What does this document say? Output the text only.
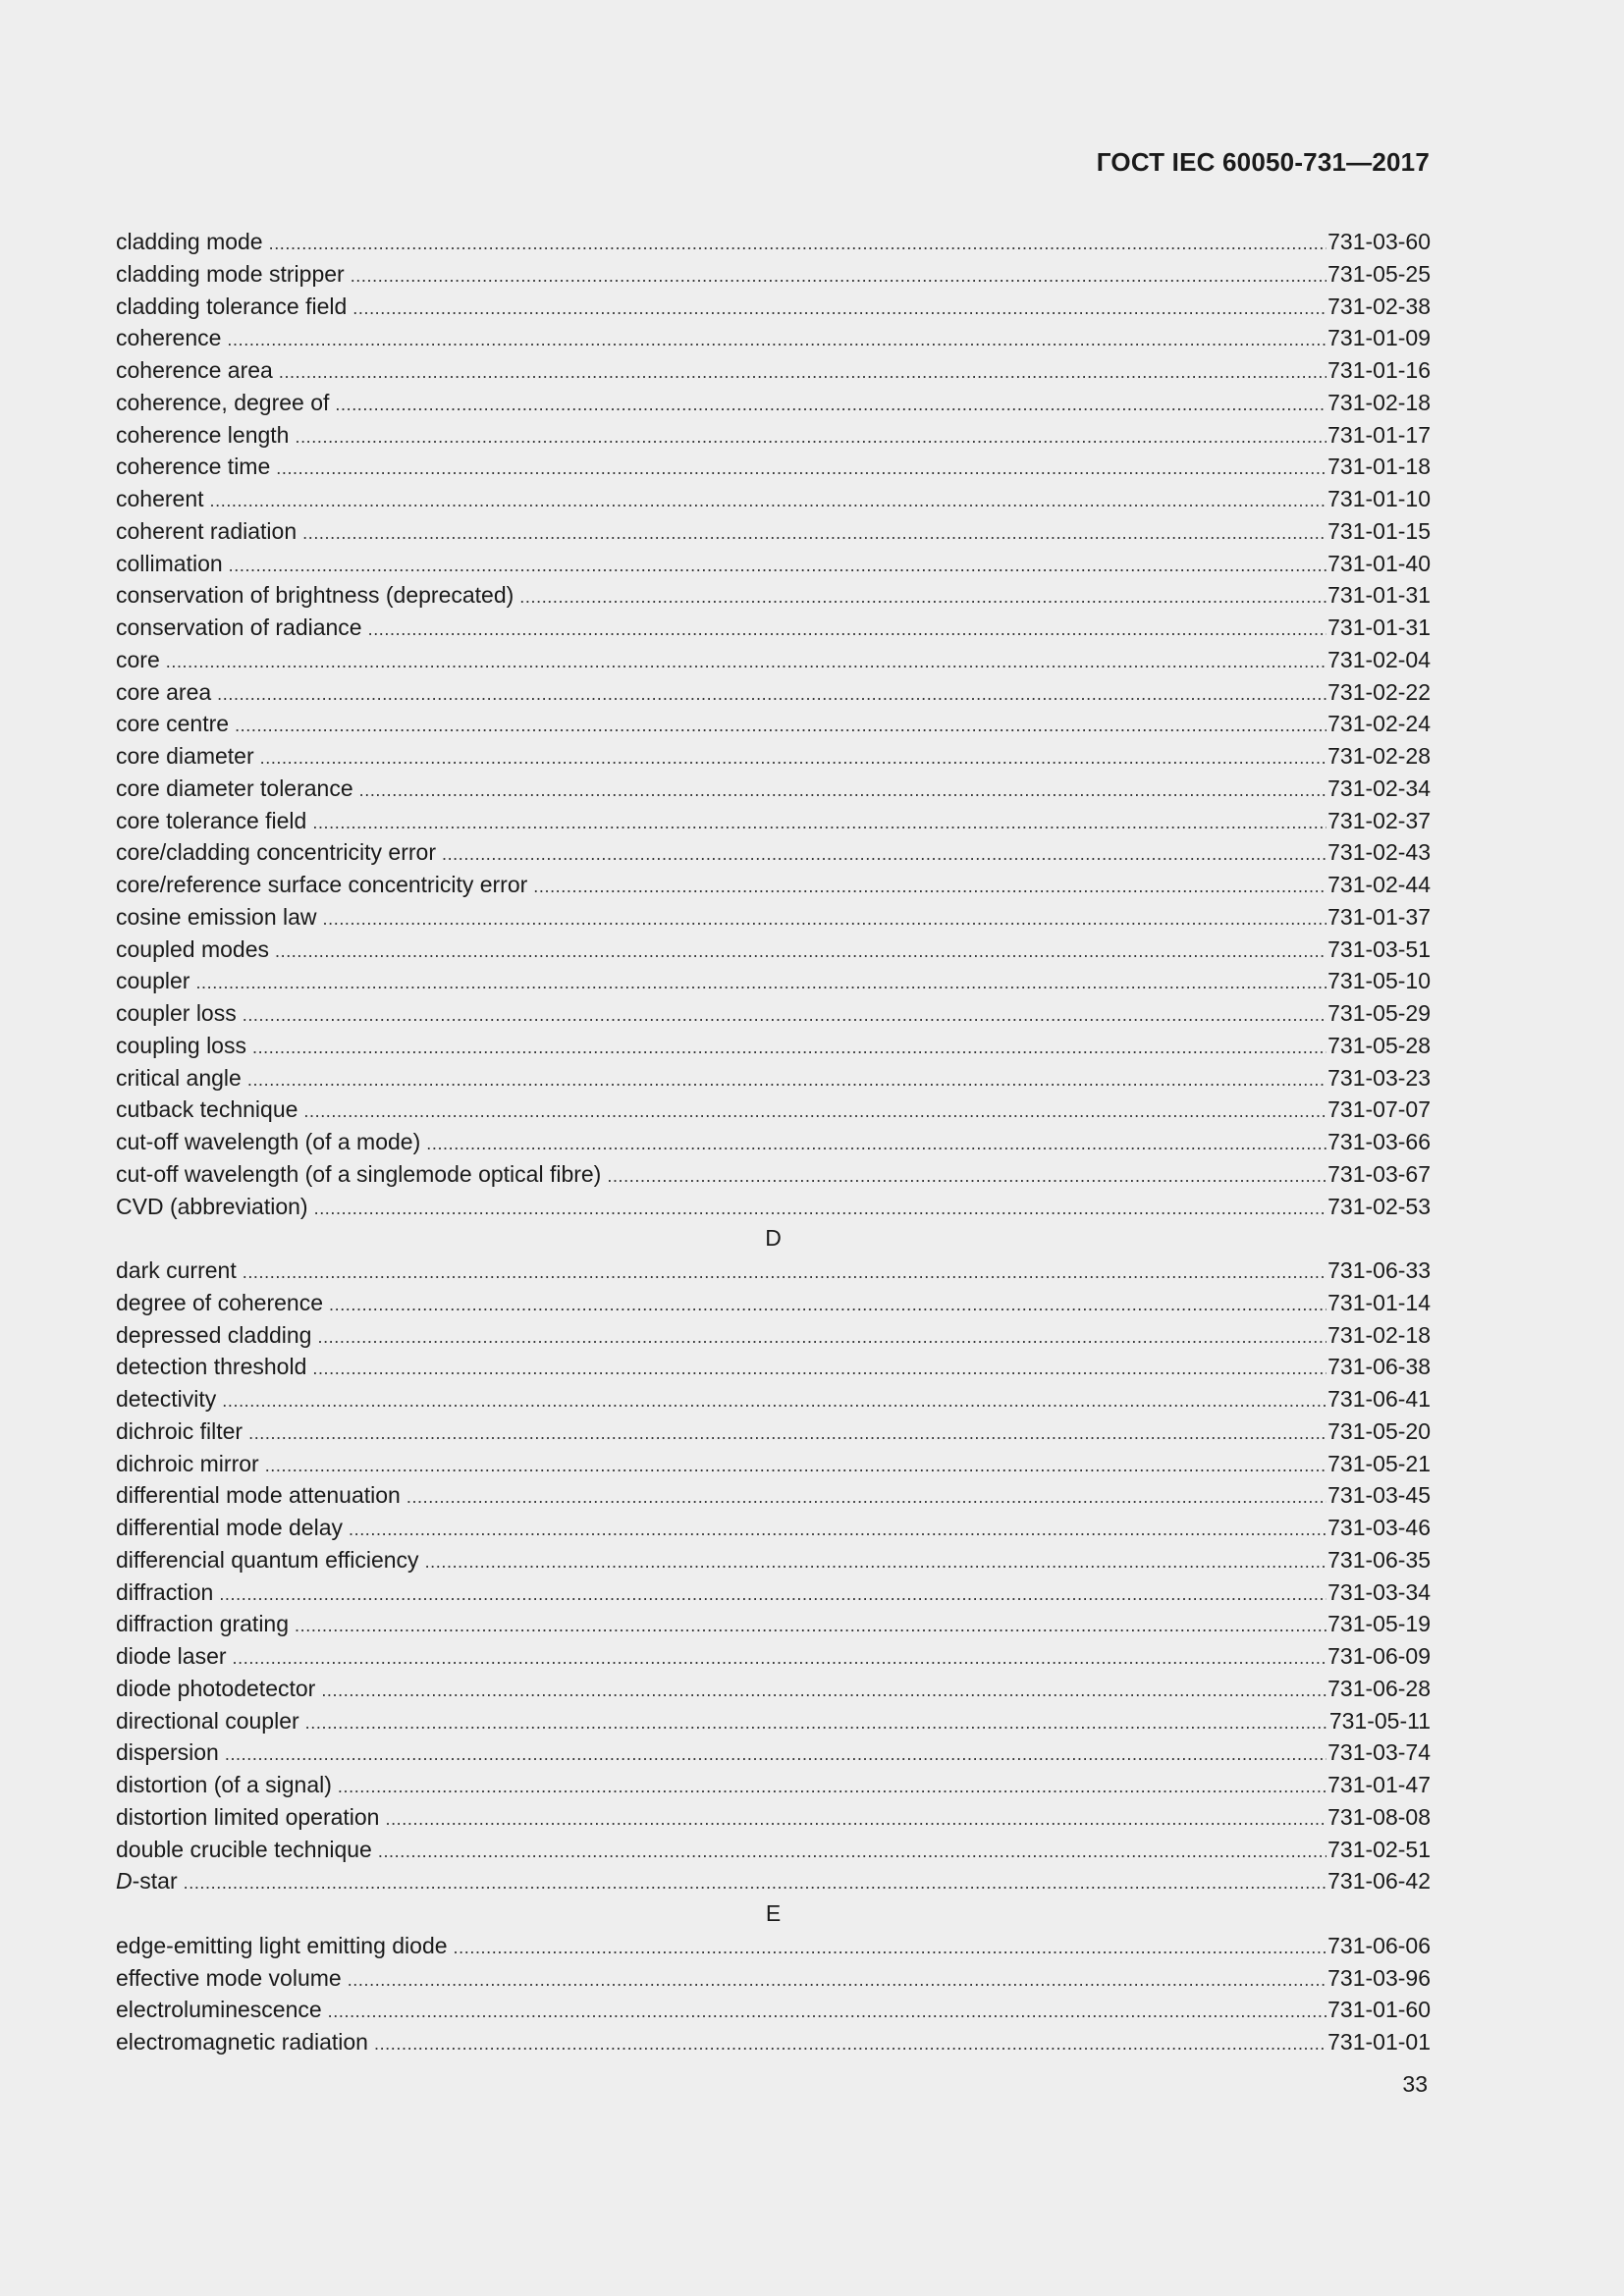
ГОСТ IEC 60050-731—2017
cladding mode .....	731-03-60
cladding mode stripper .....	731-05-25
cladding tolerance field .....	731-02-38
coherence .....	731-01-09
coherence area .....	731-01-16
coherence, degree of .....	731-02-18
coherence length .....	731-01-17
coherence time .....	731-01-18
coherent .....	731-01-10
coherent radiation .....	731-01-15
collimation .....	731-01-40
conservation of brightness (deprecated) .....	731-01-31
conservation of radiance .....	731-01-31
core .....	731-02-04
core area .....	731-02-22
core centre .....	731-02-24
core diameter .....	731-02-28
core diameter tolerance .....	731-02-34
core tolerance field .....	731-02-37
core/cladding concentricity error .....	731-02-43
core/reference surface concentricity error .....	731-02-44
cosine emission law .....	731-01-37
coupled modes .....	731-03-51
coupler .....	731-05-10
coupler loss .....	731-05-29
coupling loss .....	731-05-28
critical angle .....	731-03-23
cutback technique .....	731-07-07
cut-off wavelength (of a mode) .....	731-03-66
cut-off wavelength (of a singlemode optical fibre) .....	731-03-67
CVD (abbreviation) .....	731-02-53
D
dark current .....	731-06-33
degree of coherence .....	731-01-14
depressed cladding .....	731-02-18
detection threshold .....	731-06-38
detectivity .....	731-06-41
dichroic filter .....	731-05-20
dichroic mirror .....	731-05-21
differential mode attenuation .....	731-03-45
differential mode delay .....	731-03-46
differencial quantum efficiency .....	731-06-35
diffraction .....	731-03-34
diffraction grating .....	731-05-19
diode laser .....	731-06-09
diode photodetector .....	731-06-28
directional coupler .....	731-05-11
dispersion .....	731-03-74
distortion (of a signal) .....	731-01-47
distortion limited operation .....	731-08-08
double crucible technique .....	731-02-51
D-star .....	731-06-42
E
edge-emitting light emitting diode .....	731-06-06
effective mode volume .....	731-03-96
electroluminescence .....	731-01-60
electromagnetic radiation .....	731-01-01
33
